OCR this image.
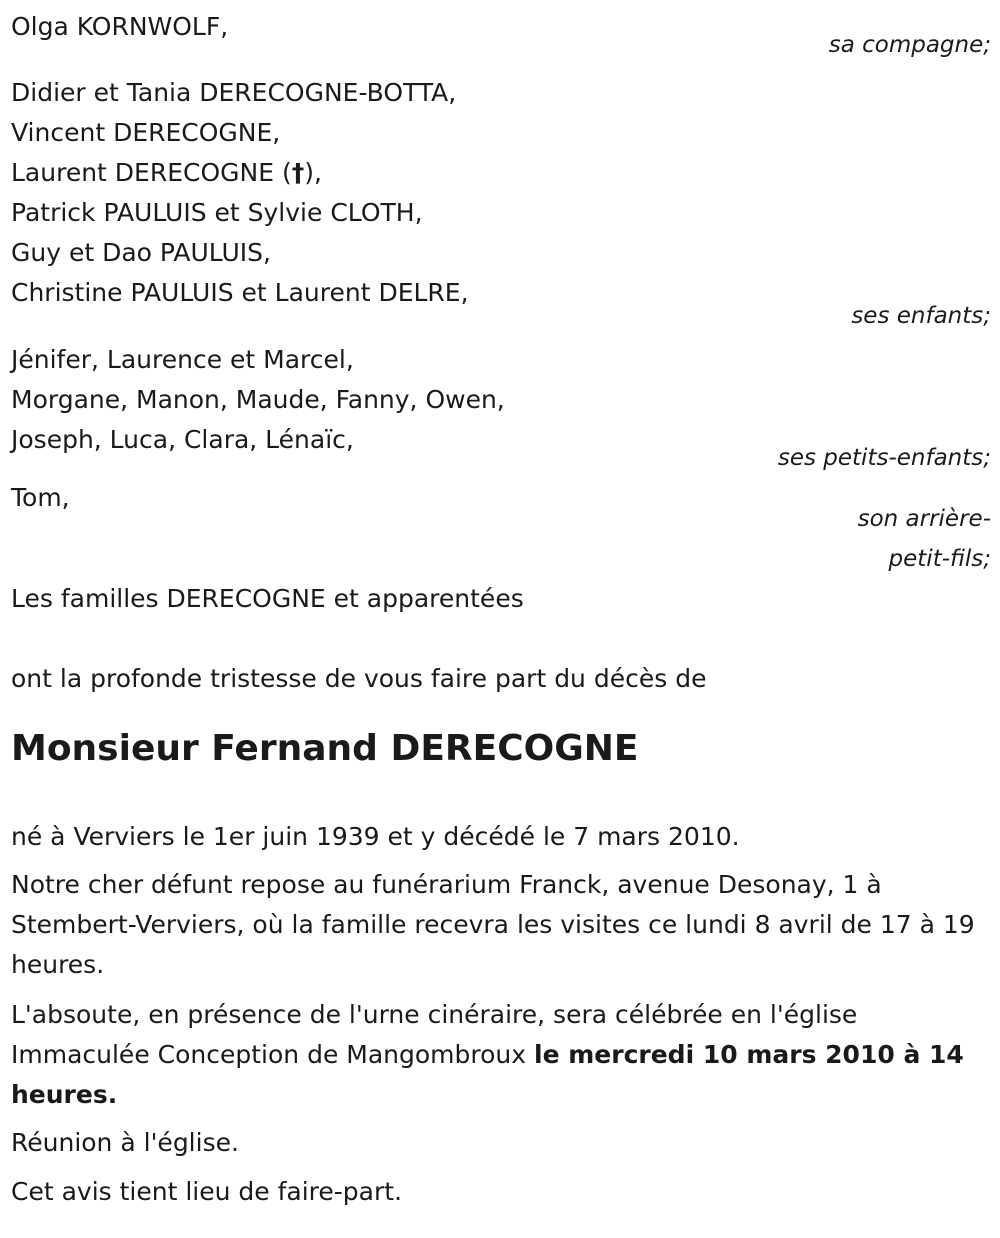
Olga KORNWOLF,
sa compagne;
Didier et Tania DERECOGNE-BOTTA,
Vincent DERECOGNE,
Laurent DERECOGNE (†),
Patrick PAULUIS et Sylvie CLOTH,
Guy et Dao PAULUIS,
Christine PAULUIS et Laurent DELRE,
ses enfants;
Jénifer, Laurence et Marcel,
Morgane, Manon, Maude, Fanny, Owen,
Joseph, Luca, Clara, Lénaïc,
ses petits-enfants;
Tom,
son arrière-
petit-fils;
Les familles DERECOGNE et apparentées
ont la profonde tristesse de vous faire part du décès de
Monsieur Fernand DERECOGNE
né à Verviers le 1er juin 1939 et y décédé le 7 mars 2010.
Notre cher défunt repose au funérarium Franck, avenue Desonay, 1 à Stembert-Verviers, où la famille recevra les visites ce lundi 8 avril de 17 à 19 heures.
L'absoute, en présence de l'urne cinéraire, sera célébrée en l'église Immaculée Conception de Mangombroux le mercredi 10 mars 2010 à 14 heures.
Réunion à l'église.
Cet avis tient lieu de faire-part.
